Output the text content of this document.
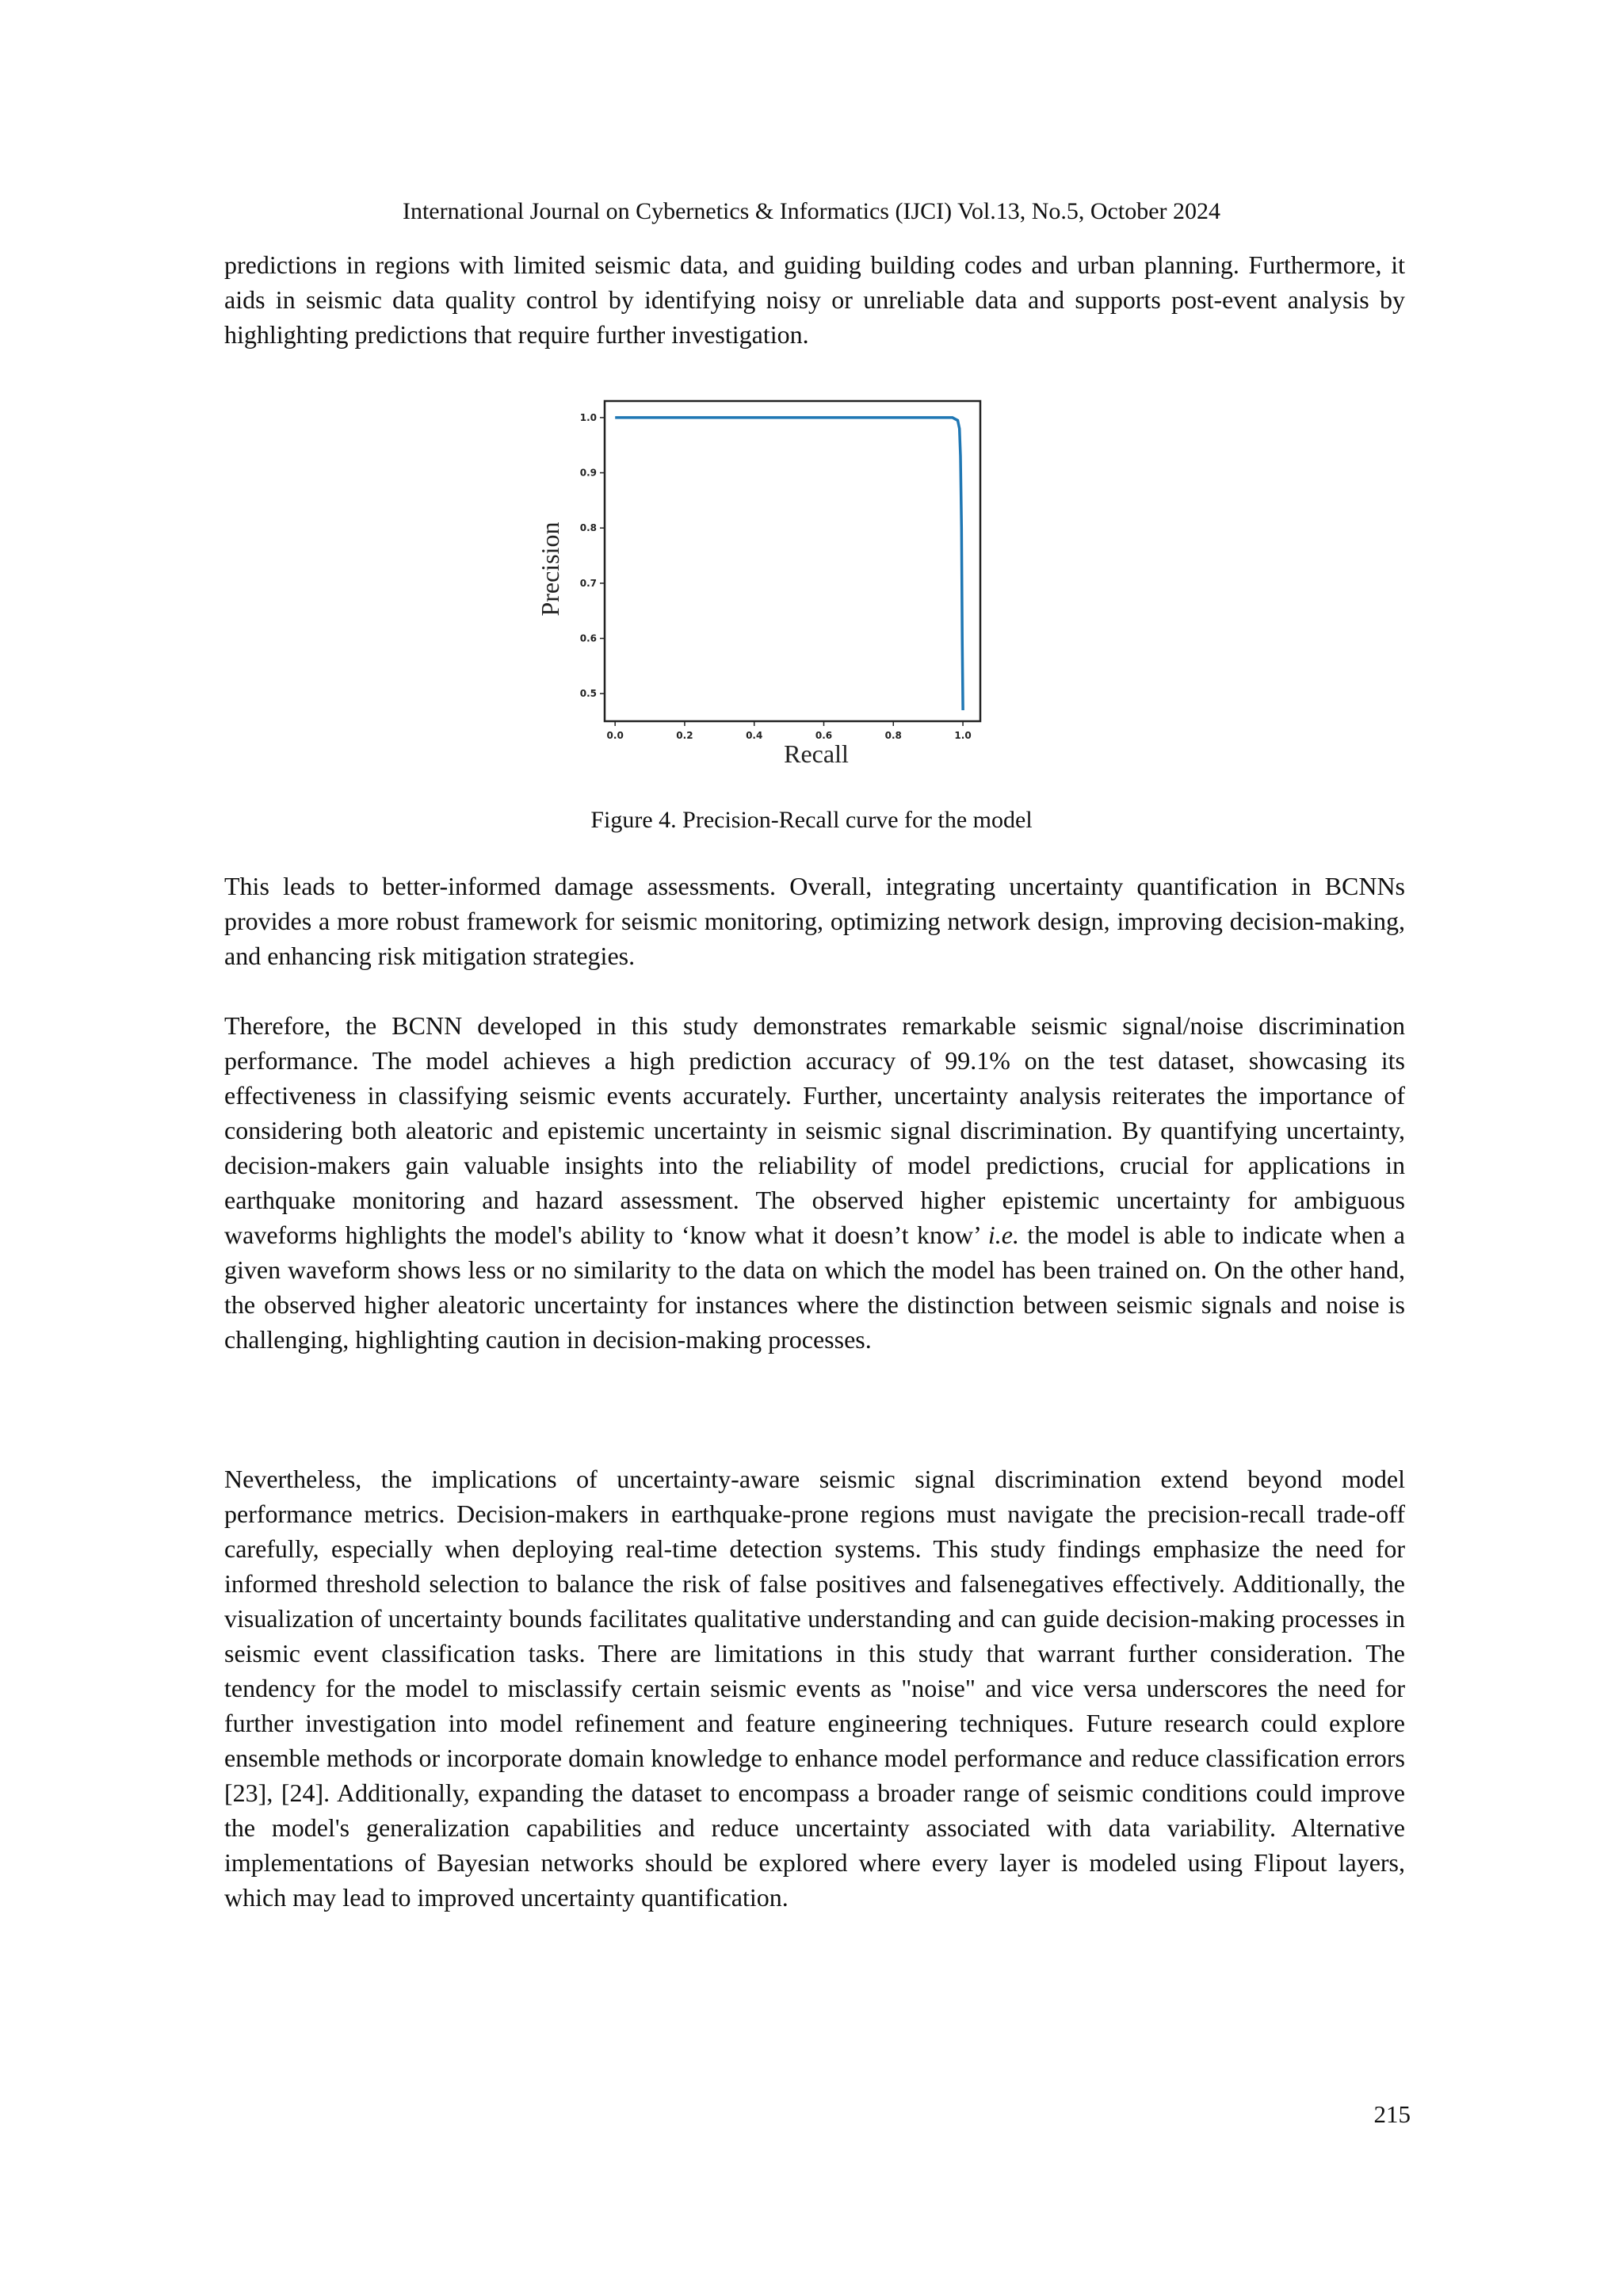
International Journal on Cybernetics & Informatics (IJCI) Vol.13, No.5, October 2024

predictions in regions with limited seismic data, and guiding building codes and urban planning. Furthermore, it aids in seismic data quality control by identifying noisy or unreliable data and supports post-event analysis by highlighting predictions that require further investigation.

0.0	0.2	0.4	0.6	0.8	1.0
0.5
0.6
0.7
0.8
0.9
1.0
Recall
Precision
Figure 4. Precision-Recall curve for the model

This leads to better-informed damage assessments. Overall, integrating uncertainty quantification in BCNNs provides a more robust framework for seismic monitoring, optimizing network design, improving decision-making, and enhancing risk mitigation strategies.

Therefore, the BCNN developed in this study demonstrates remarkable seismic signal/noise discrimination performance. The model achieves a high prediction accuracy of 99.1% on the test dataset, showcasing its effectiveness in classifying seismic events accurately. Further, uncertainty analysis reiterates the importance of considering both aleatoric and epistemic uncertainty in seismic signal discrimination. By quantifying uncertainty, decision-makers gain valuable insights into the reliability of model predictions, crucial for applications in earthquake monitoring and hazard assessment. The observed higher epistemic uncertainty for ambiguous waveforms highlights the model's ability to ‘know what it doesn’t know’ i.e. the model is able to indicate when a given waveform shows less or no similarity to the data on which the model has been trained on. On the other hand, the observed higher aleatoric uncertainty for instances where the distinction between seismic signals and noise is challenging, highlighting caution in decision-making processes.

Nevertheless, the implications of uncertainty-aware seismic signal discrimination extend beyond model performance metrics. Decision-makers in earthquake-prone regions must navigate the precision-recall trade-off carefully, especially when deploying real-time detection systems. This study findings emphasize the need for informed threshold selection to balance the risk of false positives and falsenegatives effectively. Additionally, the visualization of uncertainty bounds facilitates qualitative understanding and can guide decision-making processes in seismic event classification tasks. There are limitations in this study that warrant further consideration. The tendency for the model to misclassify certain seismic events as "noise" and vice versa underscores the need for further investigation into model refinement and feature engineering techniques. Future research could explore ensemble methods or incorporate domain knowledge to enhance model performance and reduce classification errors [23], [24]. Additionally, expanding the dataset to encompass a broader range of seismic conditions could improve the model's generalization capabilities and reduce uncertainty associated with data variability. Alternative implementations of Bayesian networks should be explored where every layer is modeled using Flipout layers, which may lead to improved uncertainty quantification.

215
